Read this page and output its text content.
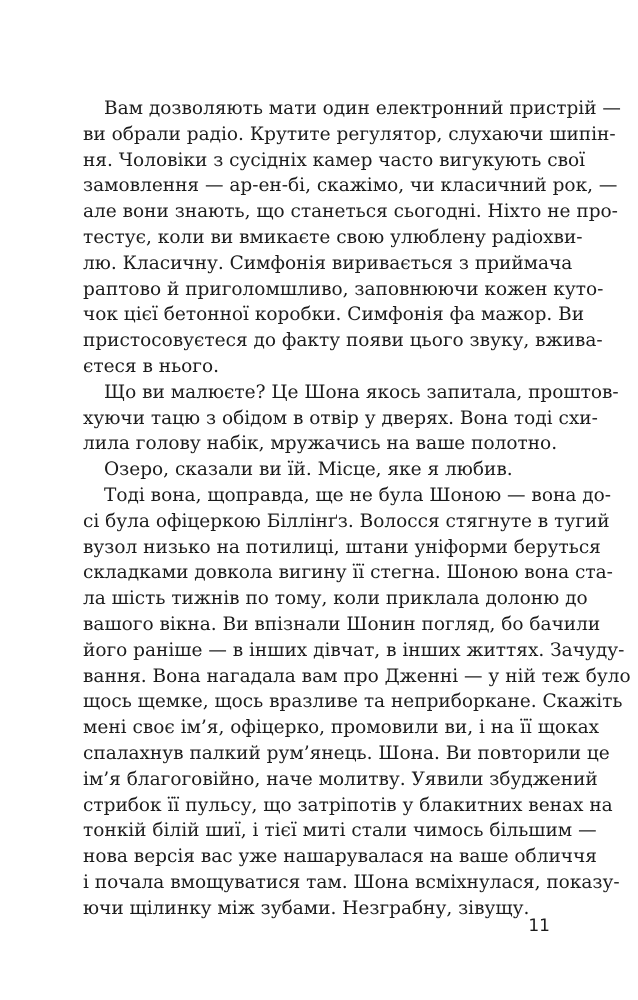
Вам дозволяють мати один електронний пристрій —
ви обрали радіо. Крутите регулятор, слухаючи шипін-
ня. Чоловіки з сусідніх камер часто вигукують свої
замовлення — ар-ен-бі, скажімо, чи класичний рок, —
але вони знають, що станеться сьогодні. Ніхто не про-
тестує, коли ви вмикаєте свою улюблену радіохви-
лю. Класичну. Симфонія виривається з приймача
раптово й приголомшливо, заповнюючи кожен куто-
чок цієї бетонної коробки. Симфонія фа мажор. Ви
пристосовуєтеся до факту появи цього звуку, вжива-
єтеся в нього.
Що ви малюєте? Це Шона якось запитала, проштов-
хуючи тацю з обідом в отвір у дверях. Вона тоді схи-
лила голову набік, мружачись на ваше полотно.
Озеро, сказали ви їй. Місце, яке я любив.
Тоді вона, щоправда, ще не була Шоною — вона до-
сі була офіцеркою Біллінґз. Волосся стягнуте в тугий
вузол низько на потилиці, штани уніформи беруться
складками довкола вигину її стегна. Шоною вона ста-
ла шість тижнів по тому, коли приклала долоню до
вашого вікна. Ви впізнали Шонин погляд, бо бачили
його раніше — в інших дівчат, в інших життях. Зачуду-
вання. Вона нагадала вам про Дженні — у ній теж було
щось щемке, щось вразливе та неприборкане. Скажіть
мені своє ім’я, офіцерко, промовили ви, і на її щоках
спалахнув палкий рум’янець. Шона. Ви повторили це
ім’я благоговійно, наче молитву. Уявили збуджений
стрибок її пульсу, що затріпотів у блакитних венах на
тонкій білій шиї, і тієї миті стали чимось більшим —
нова версія вас уже нашарувалася на ваше обличчя
і почала вмощуватися там. Шона всміхнулася, показу-
ючи щілинку між зубами. Незграбну, зівущу.
11
